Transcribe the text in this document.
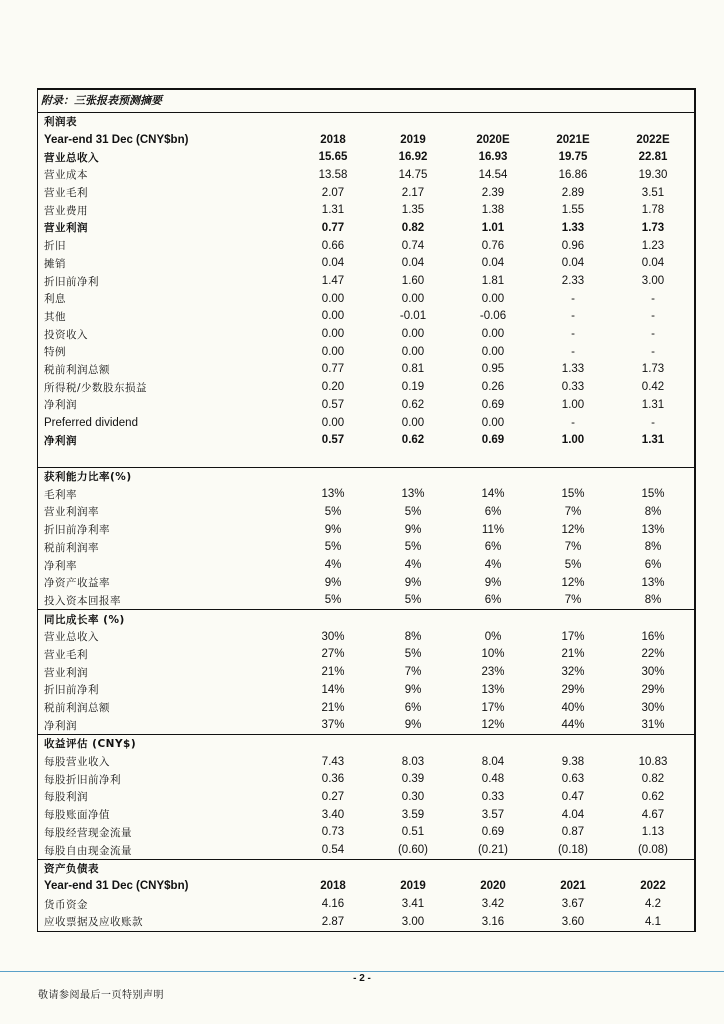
附录：三张报表预测摘要
利润表
Year-end 31 Dec (CNY$bn)	2018	2019	2020E	2021E	2022E
营业总收入	15.65	16.92	16.93	19.75	22.81
营业成本	13.58	14.75	14.54	16.86	19.30
营业毛利	2.07	2.17	2.39	2.89	3.51
营业费用	1.31	1.35	1.38	1.55	1.78
营业利润	0.77	0.82	1.01	1.33	1.73
折旧	0.66	0.74	0.76	0.96	1.23
摊销	0.04	0.04	0.04	0.04	0.04
折旧前净利	1.47	1.60	1.81	2.33	3.00
利息	0.00	0.00	0.00	-	-
其他	0.00	-0.01	-0.06	-	-
投资收入	0.00	0.00	0.00	-	-
特例	0.00	0.00	0.00	-	-
税前利润总额	0.77	0.81	0.95	1.33	1.73
所得税/少数股东损益	0.20	0.19	0.26	0.33	0.42
净利润	0.57	0.62	0.69	1.00	1.31
Preferred dividend	0.00	0.00	0.00	-	-
净利润	0.57	0.62	0.69	1.00	1.31
获利能力比率(%)
毛利率	13%	13%	14%	15%	15%
营业利润率	5%	5%	6%	7%	8%
折旧前净利率	9%	9%	11%	12%	13%
税前利润率	5%	5%	6%	7%	8%
净利率	4%	4%	4%	5%	6%
净资产收益率	9%	9%	9%	12%	13%
投入资本回报率	5%	5%	6%	7%	8%
同比成长率 (%)
营业总收入	30%	8%	0%	17%	16%
营业毛利	27%	5%	10%	21%	22%
营业利润	21%	7%	23%	32%	30%
折旧前净利	14%	9%	13%	29%	29%
税前利润总额	21%	6%	17%	40%	30%
净利润	37%	9%	12%	44%	31%
收益评估 (CNY$)
每股营业收入	7.43	8.03	8.04	9.38	10.83
每股折旧前净利	0.36	0.39	0.48	0.63	0.82
每股利润	0.27	0.30	0.33	0.47	0.62
每股账面净值	3.40	3.59	3.57	4.04	4.67
每股经营现金流量	0.73	0.51	0.69	0.87	1.13
每股自由现金流量	0.54	(0.60)	(0.21)	(0.18)	(0.08)
资产负债表
Year-end 31 Dec (CNY$bn)	2018	2019	2020	2021	2022
货币资金	4.16	3.41	3.42	3.67	4.2
应收票据及应收账款	2.87	3.00	3.16	3.60	4.1
- 2 -
敬请参阅最后一页特别声明
